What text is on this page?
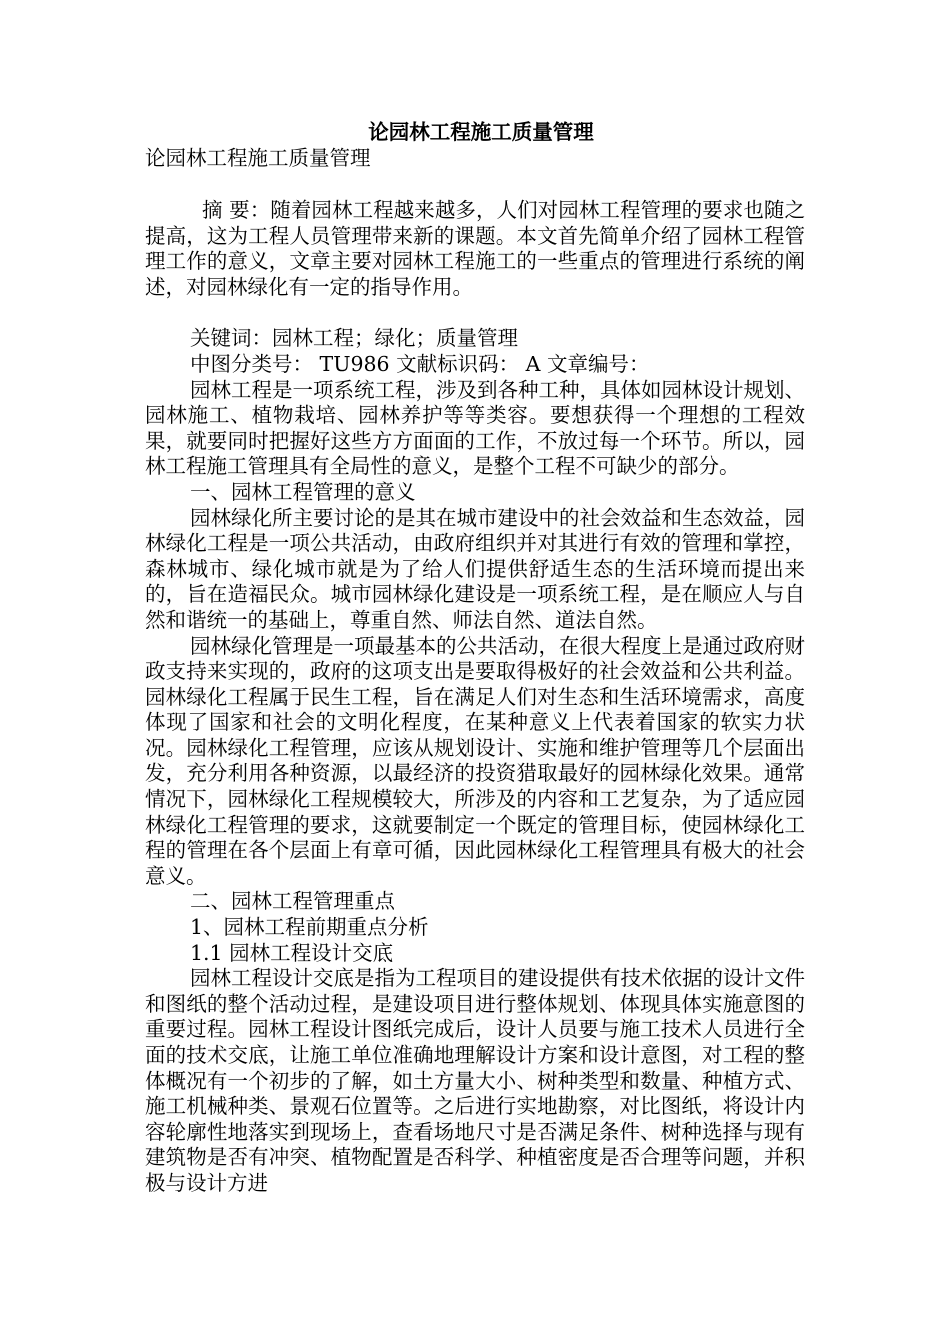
论园林工程施工质量管理
论园林工程施工质量管理

摘 要：随着园林工程越来越多，人们对园林工程管理的要求也随之提高，这为工程人员管理带来新的课题。本文首先简单介绍了园林工程管理工作的意义，文章主要对园林工程施工的一些重点的管理进行系统的阐述，对园林绿化有一定的指导作用。

关键词：园林工程；绿化；质量管理

中图分类号： TU986 文献标识码： A 文章编号：

园林工程是一项系统工程，涉及到各种工种，具体如园林设计规划、园林施工、植物栽培、园林养护等等类容。要想获得一个理想的工程效果，就要同时把握好这些方方面面的工作，不放过每一个环节。所以，园林工程施工管理具有全局性的意义，是整个工程不可缺少的部分。

一、园林工程管理的意义

园林绿化所主要讨论的是其在城市建设中的社会效益和生态效益，园林绿化工程是一项公共活动，由政府组织并对其进行有效的管理和掌控，森林城市、绿化城市就是为了给人们提供舒适生态的生活环境而提出来的，旨在造福民众。城市园林绿化建设是一项系统工程，是在顺应人与自然和谐统一的基础上，尊重自然、师法自然、道法自然。

园林绿化管理是一项最基本的公共活动，在很大程度上是通过政府财政支持来实现的，政府的这项支出是要取得极好的社会效益和公共利益。园林绿化工程属于民生工程，旨在满足人们对生态和生活环境需求，高度体现了国家和社会的文明化程度，在某种意义上代表着国家的软实力状况。园林绿化工程管理，应该从规划设计、实施和维护管理等几个层面出发，充分利用各种资源，以最经济的投资猎取最好的园林绿化效果。通常情况下，园林绿化工程规模较大，所涉及的内容和工艺复杂，为了适应园林绿化工程管理的要求，这就要制定一个既定的管理目标，使园林绿化工程的管理在各个层面上有章可循，因此园林绿化工程管理具有极大的社会意义。

二、园林工程管理重点

1、园林工程前期重点分析

1.1 园林工程设计交底

园林工程设计交底是指为工程项目的建设提供有技术依据的设计文件和图纸的整个活动过程，是建设项目进行整体规划、体现具体实施意图的重要过程。园林工程设计图纸完成后，设计人员要与施工技术人员进行全面的技术交底，让施工单位准确地理解设计方案和设计意图，对工程的整体概况有一个初步的了解，如土方量大小、树种类型和数量、种植方式、施工机械种类、景观石位置等。之后进行实地勘察，对比图纸，将设计内容轮廓性地落实到现场上，查看场地尺寸是否满足条件、树种选择与现有建筑物是否有冲突、植物配置是否科学、种植密度是否合理等问题，并积极与设计方进
